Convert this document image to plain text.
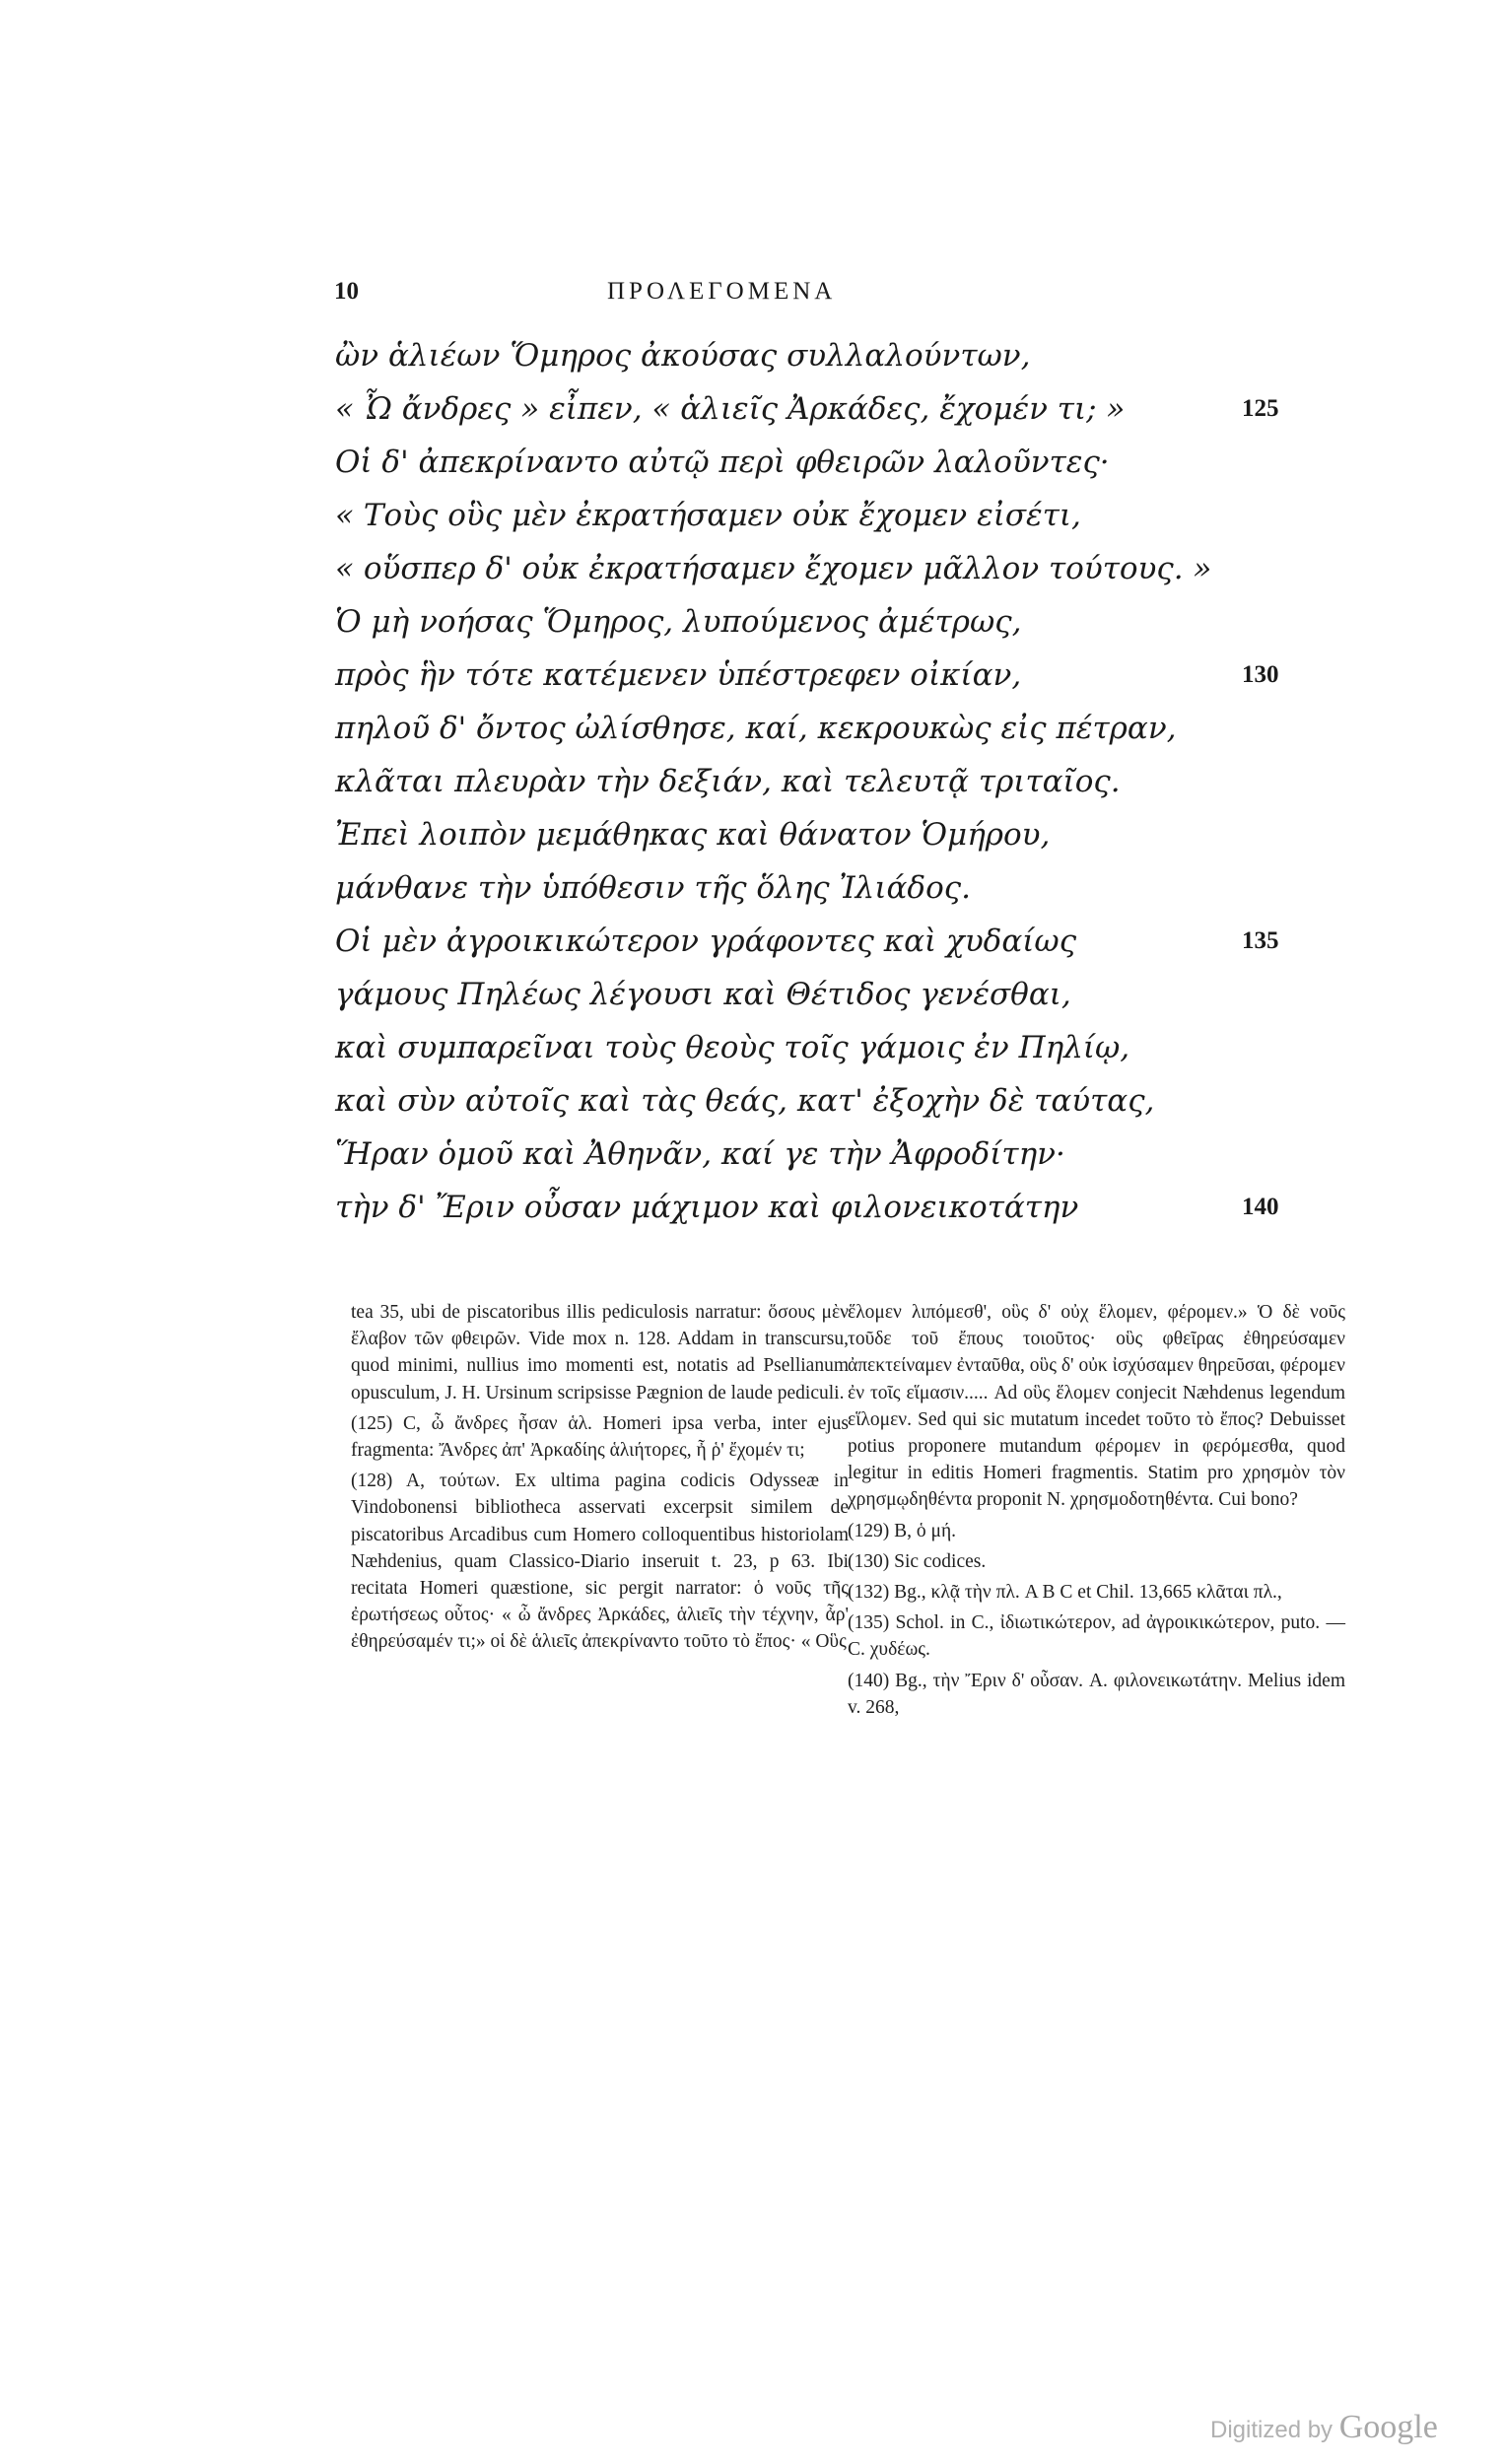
10	ΠΡΟΛΕΓΟΜΕΝΑ
ὢν ἁλιέων Ὅμηρος ἀκούσας συλλαλούντων,
« Ὦ ἄνδρες » εἶπεν, « ἁλιεῖς Ἀρκάδες, ἔχομέν τι; »	125
Οἱ δ' ἀπεκρίναντο αὐτῷ περὶ φθειρῶν λαλοῦντες·
« Τοὺς οὓς μὲν ἐκρατήσαμεν οὐκ ἔχομεν εἰσέτι,
« οὕσπερ δ' οὐκ ἐκρατήσαμεν ἔχομεν μᾶλλον τούτους. »
Ὁ μὴ νοήσας Ὅμηρος, λυπούμενος ἀμέτρως,
πρὸς ἣν τότε κατέμενεν ὑπέστρεφεν οἰκίαν,	130
πηλοῦ δ' ὄντος ὠλίσθησε, καί, κεκρουκὼς εἰς πέτραν,
κλᾶται πλευρὰν τὴν δεξιάν, καὶ τελευτᾷ τριταῖος.
Ἐπεὶ λοιπὸν μεμάθηκας καὶ θάνατον Ὁμήρου,
μάνθανε τὴν ὑπόθεσιν τῆς ὅλης Ἰλιάδος.
Οἱ μὲν ἀγροικικώτερον γράφοντες καὶ χυδαίως	135
γάμους Πηλέως λέγουσι καὶ Θέτιδος γενέσθαι,
καὶ συμπαρεῖναι τοὺς θεοὺς τοῖς γάμοις ἐν Πηλίῳ,
καὶ σὺν αὐτοῖς καὶ τὰς θεάς, κατ' ἐξοχὴν δὲ ταύτας,
Ἥραν ὁμοῦ καὶ Ἀθηνᾶν, καί γε τὴν Ἀφροδίτην·
τὴν δ' Ἔριν οὖσαν μάχιμον καὶ φιλονεικοτάτην	140

tea 35, ubi de piscatoribus illis pediculosis narratur: ὅσους μὲν ἔλαβον τῶν φθειρῶν. Vide mox n. 128. Addam in transcursu, quod minimi, nullius imo momenti est, notatis ad Psellianum opusculum, J. H. Ursinum scripsisse Pægnion de laude pediculi.

(125) C, ὦ ἄνδρες ἦσαν ἁλ. Homeri ipsa verba, inter ejus fragmenta: Ἄνδρες ἀπ' Ἀρκαδίης ἁλιήτορες, ἦ ῥ' ἔχομέν τι;

(128) A, τούτων. Ex ultima pagina codicis Odysseæ in Vindobonensi bibliotheca asservati excerpsit similem de piscatoribus Arcadibus cum Homero colloquentibus historiolam Næhdenius, quam Classico-Diario inseruit t. 23, p 63. Ibi recitata Homeri quæstione, sic pergit narrator: ὁ νοῦς τῆς ἐρωτήσεως οὗτος· « ὦ ἄνδρες Ἀρκάδες, ἁλιεῖς τὴν τέχνην, ἆρ' ἐθηρεύσαμέν τι;» οἱ δὲ ἁλιεῖς ἀπεκρίναντο τοῦτο τὸ ἔπος· « Οὓς

ἕλομεν λιπόμεσθ', οὓς δ' οὐχ ἕλομεν, φέρομεν.» Ὁ δὲ νοῦς τοῦδε τοῦ ἔπους τοιοῦτος· οὓς φθεῖρας ἐθηρεύσαμεν ἀπεκτείναμεν ἐνταῦθα, οὓς δ' οὐκ ἰσχύσαμεν θηρεῦσαι, φέρομεν ἐν τοῖς εἵμασιν..... Ad οὓς ἕλομεν conjecit Næhdenus legendum εἵλομεν. Sed qui sic mutatum incedet τοῦτο τὸ ἔπος? Debuisset potius proponere mutandum φέρομεν in φερόμεσθα, quod legitur in editis Homeri fragmentis. Statim pro χρησμὸν τὸν χρησμῳδηθέντα proponit N. χρησμοδοτηθέντα. Cui bono?

(129) B, ὁ μή.

(130) Sic codices.

(132) Bg., κλᾷ τὴν πλ. A B C et Chil. 13,665 κλᾶται πλ.,

(135) Schol. in C., ἰδιωτικώτερον, ad ἀγροικικώτερον, puto. — C. χυδέως.

(140) Bg., τὴν Ἔριν δ' οὖσαν. A. φιλονεικωτάτην. Melius idem v. 268,

Digitized by Google
